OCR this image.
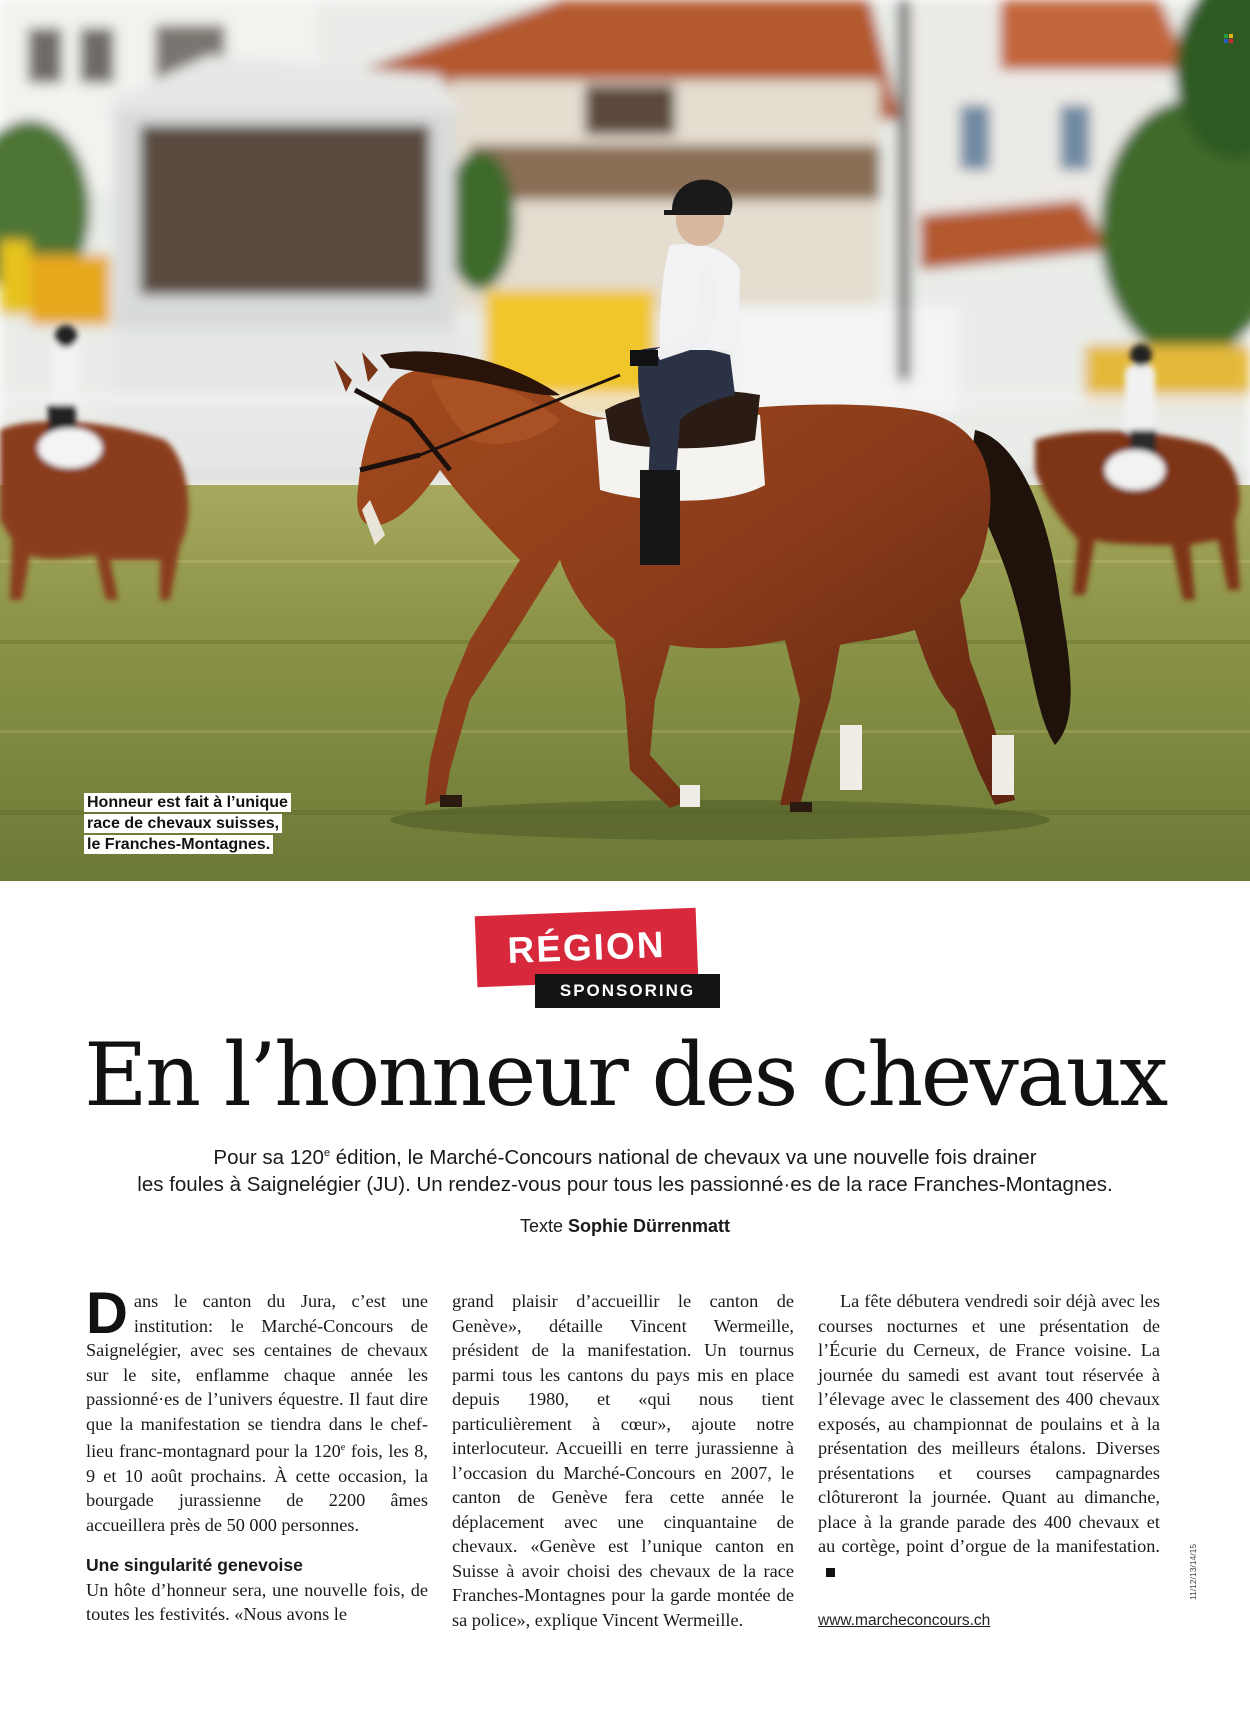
Honneur est fait à l’unique race de chevaux suisses, le Franches-Montagnes.
RÉGION
SPONSORING
En l’honneur des chevaux

Pour sa 120e édition, le Marché-Concours national de chevaux va une nouvelle fois drainer

les foules à Saignelégier (JU). Un rendez-vous pour tous les passionné·es de la race Franches-Montagnes.

Texte Sophie Dürrenmatt

Dans le canton du Jura, c’est une institution: le Marché-Concours de Saignelégier, avec ses centaines de chevaux sur le site, enflamme chaque année les passionné·es de l’univers équestre. Il faut dire que la manifestation se tiendra dans le chef-lieu franc-montagnard pour la 120e fois, les 8, 9 et 10 août prochains. À cette occasion, la bourgade jurassienne de 2200 âmes accueillera près de 50 000 personnes.

Une singularité genevoise

Un hôte d’honneur sera, une nouvelle fois, de toutes les festivités. «Nous avons le

grand plaisir d’accueillir le canton de Genève», détaille Vincent Wermeille, président de la manifestation. Un tournus parmi tous les cantons du pays mis en place depuis 1980, et «qui nous tient particulièrement à cœur», ajoute notre interlocuteur. Accueilli en terre jurassienne à l’occasion du Marché-Concours en 2007, le canton de Genève fera cette année le déplacement avec une cinquantaine de chevaux. «Genève est l’unique canton en Suisse à avoir choisi des chevaux de la race Franches-Montagnes pour la garde montée de sa police», explique Vincent Wermeille.

La fête débutera vendredi soir déjà avec les courses nocturnes et une présentation de l’Écurie du Cerneux, de France voisine. La journée du samedi est avant tout réservée à l’élevage avec le classement des 400 chevaux exposés, au championnat de poulains et à la présentation des meilleurs étalons. Diverses présentations et courses campagnardes clôtureront la journée. Quant au dimanche, place à la grande parade des 400 chevaux et au cortège, point d’orgue de la manifestation.

www.marcheconcours.ch
11/12/13/14/15
